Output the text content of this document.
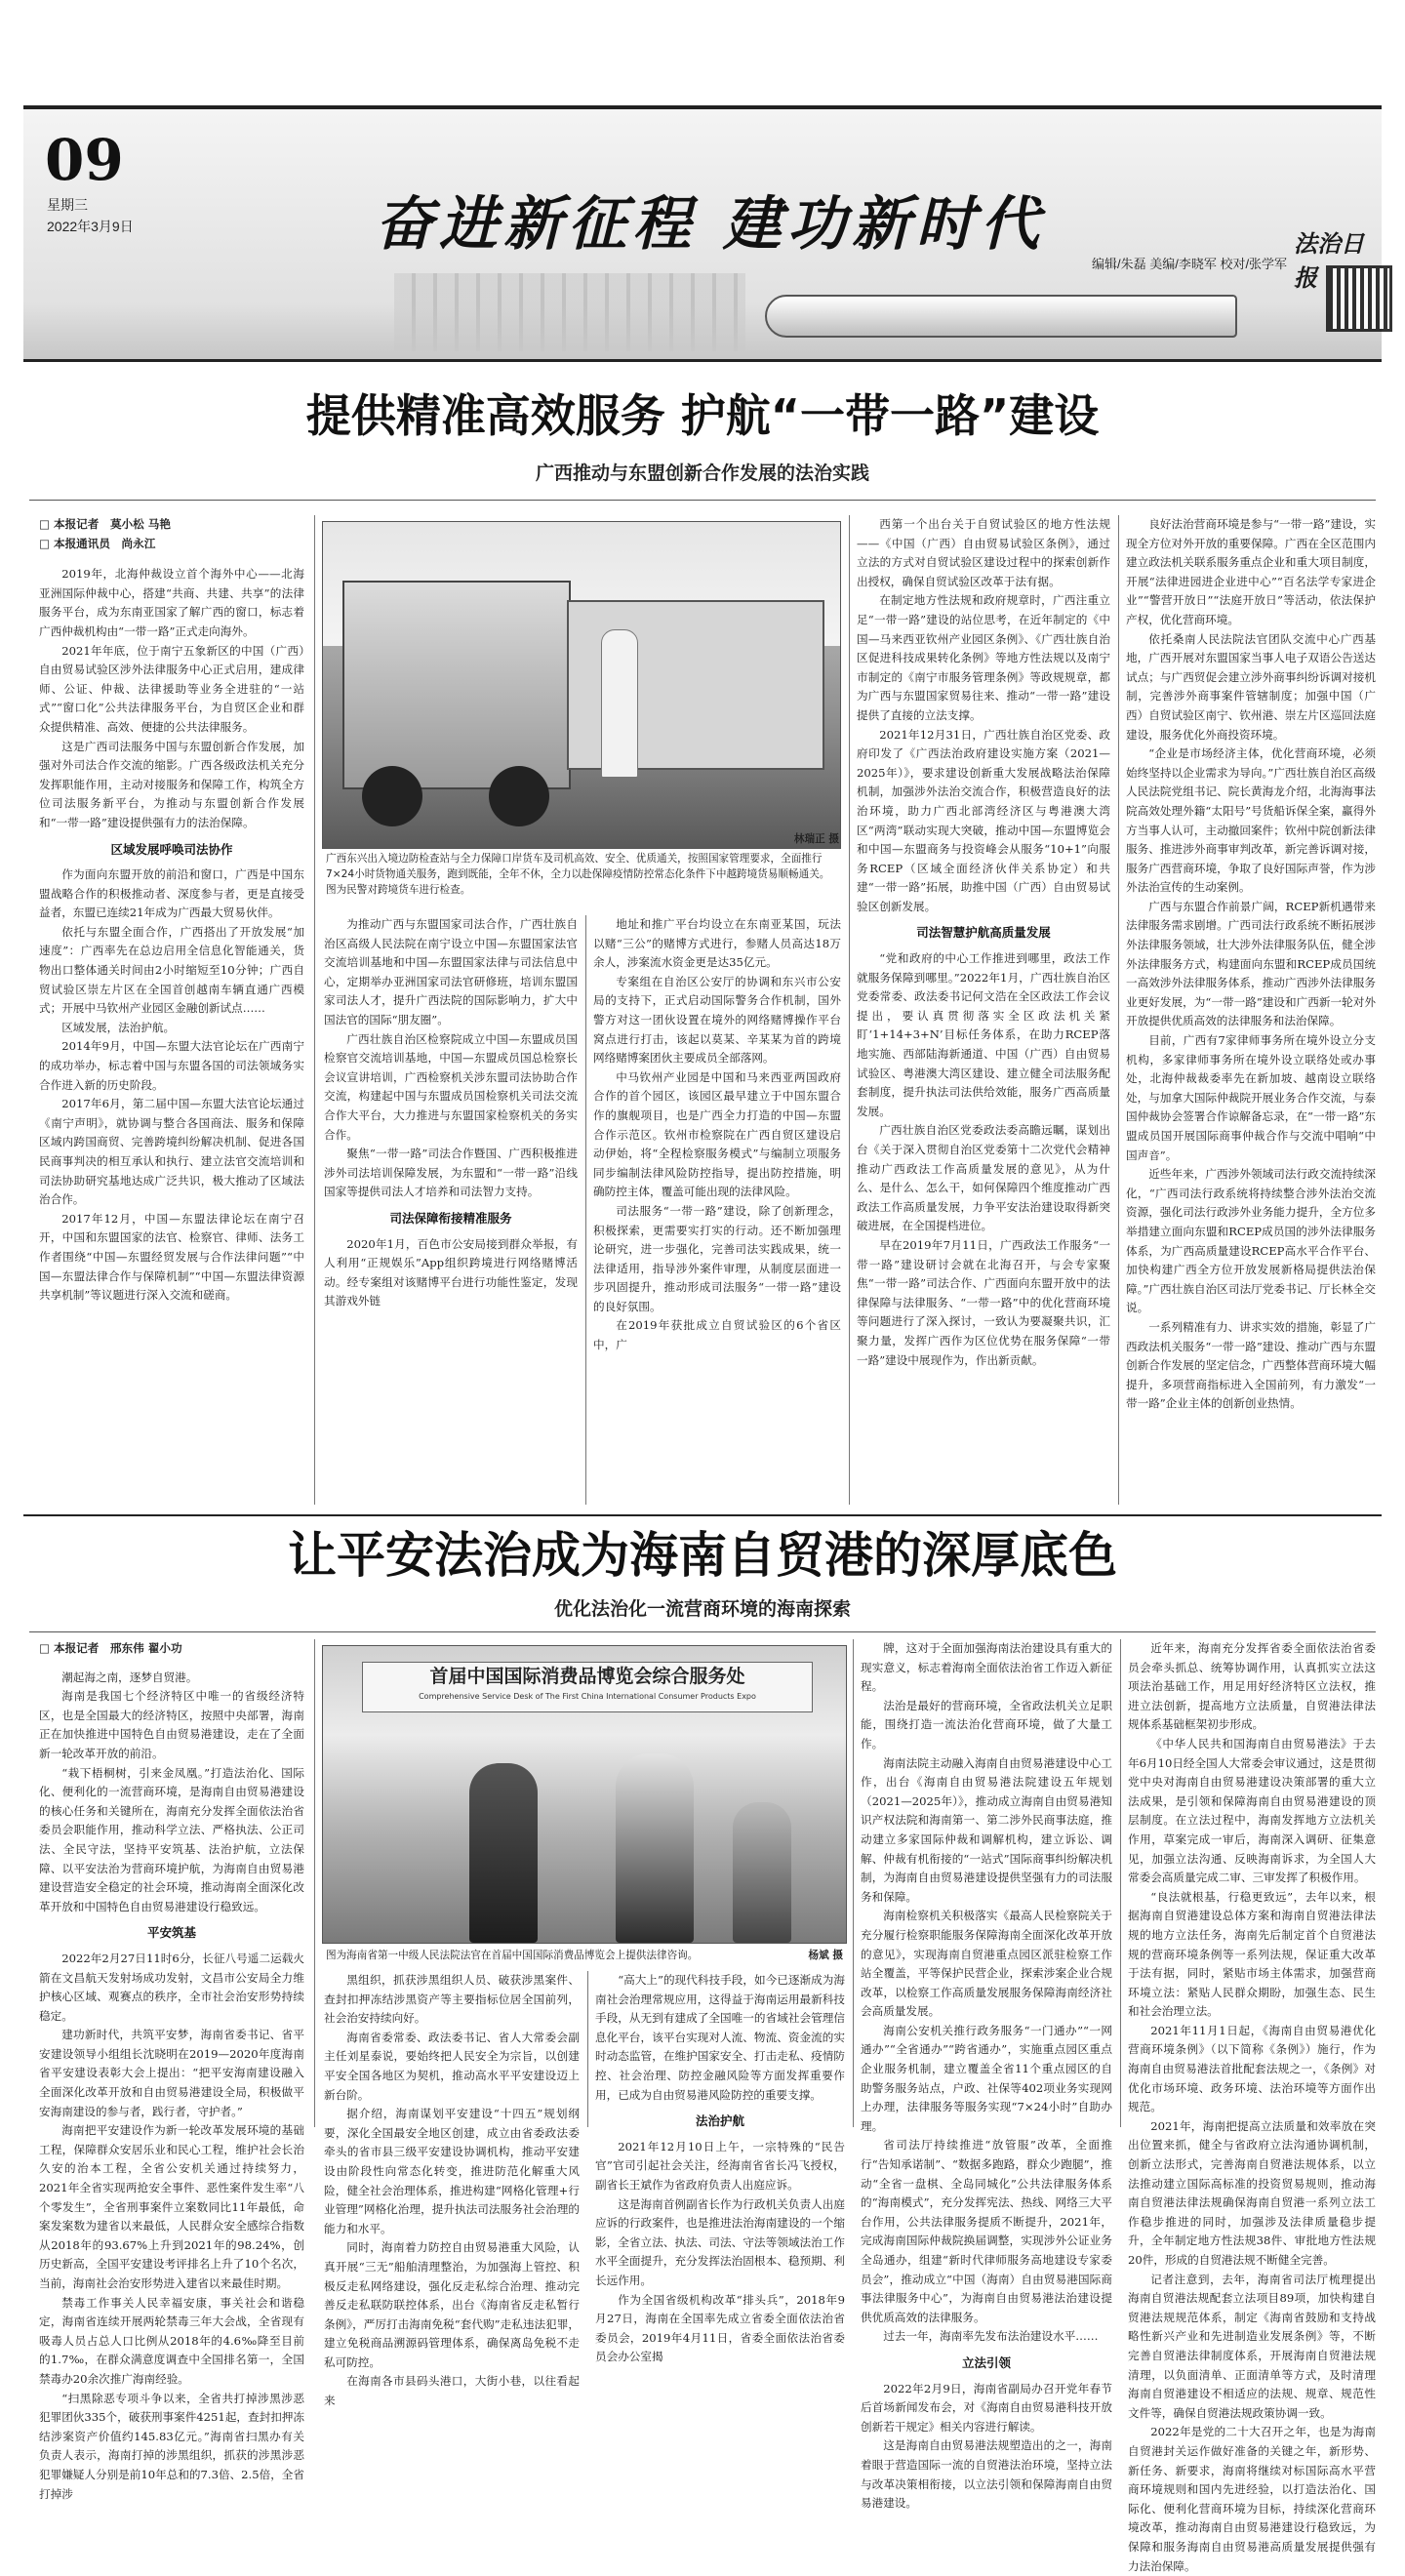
09
星期三
2022年3月9日	奋进新征程 建功新时代
编辑/朱磊 美编/李晓军 校对/张学军
法治日报
提供精准高效服务 护航“一带一路”建设
广西推动与东盟创新合作发展的法治实践

□ 本报记者　莫小松 马艳

□ 本报通讯员　尚永江

2019年，北海仲裁设立首个海外中心——北海亚洲国际仲裁中心，搭建“共商、共建、共享”的法律服务平台，成为东南亚国家了解广西的窗口，标志着广西仲裁机构由“一带一路”正式走向海外。

2021年年底，位于南宁五象新区的中国（广西）自由贸易试验区涉外法律服务中心正式启用，建成律师、公证、仲裁、法律援助等业务全进驻的“一站式”“窗口化”公共法律服务平台，为自贸区企业和群众提供精准、高效、便捷的公共法律服务。

这是广西司法服务中国与东盟创新合作发展，加强对外司法合作交流的缩影。广西各级政法机关充分发挥职能作用，主动对接服务和保障工作，构筑全方位司法服务新平台，为推动与东盟创新合作发展和“一带一路”建设提供强有力的法治保障。

区域发展呼唤司法协作

作为面向东盟开放的前沿和窗口，广西是中国东盟战略合作的积极推动者、深度参与者，更是直接受益者，东盟已连续21年成为广西最大贸易伙伴。

依托与东盟全面合作，广西搭出了开放发展“加速度”：广西率先在总边启用全信息化智能通关，货物出口整体通关时间由2小时缩短至10分钟；广西自贸试验区崇左片区在全国首创越南车辆直通广西模式；开展中马钦州产业园区金融创新试点……

区域发展，法治护航。

2014年9月，中国—东盟大法官论坛在广西南宁的成功举办，标志着中国与东盟各国的司法领域务实合作进入新的历史阶段。

2017年6月，第二届中国—东盟大法官论坛通过《南宁声明》，就协调与整合各国商法、服务和保障区域内跨国商贸、完善跨境纠纷解决机制、促进各国民商事判决的相互承认和执行、建立法官交流培训和司法协助研究基地达成广泛共识，极大推动了区域法治合作。

2017年12月，中国—东盟法律论坛在南宁召开，中国和东盟国家的法官、检察官、律师、法务工作者围绕“中国—东盟经贸发展与合作法律问题”“中国—东盟法律合作与保障机制”“中国—东盟法律资源共享机制”等议题进行深入交流和磋商。

广西东兴出入境边防检查站与全力保障口岸货车及司机高效、安全、优质通关，按照国家管理要求，全面推行7×24小时货物通关服务，跑到既能，全年不休，全力以赴保障疫情防控常态化条件下中越跨境货易顺畅通关。图为民警对跨境货车进行检查。
林瑞正 摄

为推动广西与东盟国家司法合作，广西壮族自治区高级人民法院在南宁设立中国—东盟国家法官交流培训基地和中国—东盟国家法律与司法信息中心，定期举办亚洲国家司法官研修班，培训东盟国家司法人才，提升广西法院的国际影响力，扩大中国法官的国际“朋友圈”。

广西壮族自治区检察院成立中国—东盟成员国检察官交流培训基地，中国—东盟成员国总检察长会议宣讲培训，广西检察机关涉东盟司法协助合作交流，构建起中国与东盟成员国检察机关司法交流合作大平台，大力推进与东盟国家检察机关的务实合作。

聚焦“一带一路”司法合作暨国、广西积极推进涉外司法培训保障发展，为东盟和“一带一路”沿线国家等提供司法人才培养和司法智力支持。

司法保障衔接精准服务

2020年1月，百色市公安局接到群众举报，有人利用“正规娱乐”App组织跨境进行网络赌博活动。经专案组对该赌博平台进行功能性鉴定，发现其游戏外链

地址和推广平台均设立在东南亚某国，玩法以赌“三公”的赌博方式进行，参赌人员高达18万余人，涉案流水资金更是达35亿元。

专案组在自治区公安厅的协调和东兴市公安局的支持下，正式启动国际警务合作机制，国外警方对这一团伙设置在境外的网络赌博操作平台窝点进行打击，该起以莫某、辛某某为首的跨境网络赌博案团伙主要成员全部落网。

中马钦州产业园是中国和马来西亚两国政府合作的首个园区，该园区最早建立于中国东盟合作的旗舰项目，也是广西全力打造的中国—东盟合作示范区。钦州市检察院在广西自贸区建设启动伊始，将“全程检察服务模式”与编制立项服务同步编制法律风险防控指导，提出防控措施，明确防控主体，覆盖可能出现的法律风险。

司法服务“一带一路”建设，除了创新理念，积极探索，更需要实打实的行动。还不断加强理论研究，进一步强化，完善司法实践成果，统一法律适用，指导涉外案件审理，从制度层面进一步巩固提升，推动形成司法服务“一带一路”建设的良好氛围。

在2019年获批成立自贸试验区的6个省区中，广

西第一个出台关于自贸试验区的地方性法规——《中国（广西）自由贸易试验区条例》，通过立法的方式对自贸试验区建设过程中的探索创新作出授权，确保自贸试验区改革于法有据。

在制定地方性法规和政府规章时，广西注重立足“一带一路”建设的站位思考，在近年制定的《中国—马来西亚钦州产业园区条例》、《广西壮族自治区促进科技成果转化条例》等地方性法规以及南宁市制定的《南宁市服务管理条例》等政规规章，都为广西与东盟国家贸易往来、推动“一带一路”建设提供了直接的立法支撑。

2021年12月31日，广西壮族自治区党委、政府印发了《广西法治政府建设实施方案（2021—2025年）》，要求建设创新重大发展战略法治保障机制，加强涉外法治交流合作，积极营造良好的法治环境，助力广西北部湾经济区与粤港澳大湾区“两湾”联动实现大突破，推动中国—东盟博览会和中国—东盟商务与投资峰会从服务“10+1”向服务RCEP（区域全面经济伙伴关系协定）和共建“一带一路”拓展，助推中国（广西）自由贸易试验区创新发展。

司法智慧护航高质量发展

“党和政府的中心工作推进到哪里，政法工作就服务保障到哪里。”2022年1月，广西壮族自治区党委常委、政法委书记何文浩在全区政法工作会议提出，要认真贯彻落实全区政法机关紧盯‘1+14+3+N’目标任务体系，在助力RCEP落地实施、西部陆海新通道、中国（广西）自由贸易试验区、粤港澳大湾区建设、建立健全司法服务配套制度，提升执法司法供给效能，服务广西高质量发展。

广西壮族自治区党委政法委高瞻远瞩，谋划出台《关于深入贯彻自治区党委第十二次党代会精神推动广西政法工作高质量发展的意见》，从为什么、是什么、怎么干，如何保障四个维度推动广西政法工作高质量发展，力争平安法治建设取得新突破进展，在全国提档进位。

早在2019年7月11日，广西政法工作服务“一带一路”建设研讨会就在北海召开，与会专家聚焦“一带一路”司法合作、广西面向东盟开放中的法律保障与法律服务、“一带一路”中的优化营商环境等问题进行了深入探讨，一致认为要凝聚共识，汇聚力量，发挥广西作为区位优势在服务保障“一带一路”建设中展现作为，作出新贡献。

良好法治营商环境是参与“一带一路”建设，实现全方位对外开放的重要保障。广西在全区范围内建立政法机关联系服务重点企业和重大项目制度，开展“法律进园进企业进中心”“百名法学专家进企业”“警营开放日”“法庭开放日”等活动，依法保护产权，优化营商环境。

依托桑南人民法院法官团队交流中心广西基地，广西开展对东盟国家当事人电子双语公告送达试点；与广西贸促会建立涉外商事纠纷诉调对接机制，完善涉外商事案件管辖制度；加强中国（广西）自贸试验区南宁、钦州港、崇左片区巡回法庭建设，服务优化外商投资环境。

“企业是市场经济主体，优化营商环境，必须始终坚持以企业需求为导向。”广西壮族自治区高级人民法院党组书记、院长黄海龙介绍，北海海事法院高效处理外籍“太阳号”号货船诉保全案，赢得外方当事人认可，主动撤回案件；钦州中院创新法律服务、推进涉外商事审判改革，新完善诉调对接，服务广西营商环境，争取了良好国际声誉，作为涉外法治宣传的生动案例。

广西与东盟合作前景广阔，RCEP新机遇带来法律服务需求剧增。广西司法行政系统不断拓展涉外法律服务领域，壮大涉外法律服务队伍，健全涉外法律服务方式，构建面向东盟和RCEP成员国统一高效涉外法律服务体系，推动广西涉外法律服务业更好发展，为“一带一路”建设和广西新一轮对外开放提供优质高效的法律服务和法治保障。

目前，广西有7家律师事务所在境外设立分支机构，多家律师事务所在境外设立联络处或办事处，北海仲裁裁委率先在新加坡、越南设立联络处，与加拿大国际仲裁院开展业务合作交流，与泰国仲裁协会签署合作谅解备忘录，在“一带一路”东盟成员国开展国际商事仲裁合作与交流中唱响“中国声音”。

近些年来，广西涉外领域司法行政交流持续深化，“广西司法行政系统将持续整合涉外法治交流资源，强化司法行政涉外业务能力提升，全方位多举措建立面向东盟和RCEP成员国的涉外法律服务体系，为广西高质量建设RCEP高水平合作平台、加快构建广西全方位开放发展新格局提供法治保障。”广西壮族自治区司法厅党委书记、厅长林全交说。

一系列精准有力、讲求实效的措施，彰显了广西政法机关服务“一带一路”建设、推动广西与东盟创新合作发展的坚定信念，广西整体营商环境大幅提升，多项营商指标进入全国前列，有力激发“一带一路”企业主体的创新创业热情。

让平安法治成为海南自贸港的深厚底色
优化法治化一流营商环境的海南探索

□ 本报记者　邢东伟 翟小功

潮起海之南，逐梦自贸港。

海南是我国七个经济特区中唯一的省级经济特区，也是全国最大的经济特区，按照中央部署，海南正在加快推进中国特色自由贸易港建设，走在了全面新一轮改革开放的前沿。

“栽下梧桐树，引来金凤凰。”打造法治化、国际化、便利化的一流营商环境，是海南自由贸易港建设的核心任务和关键所在，海南充分发挥全面依法治省委员会职能作用，推动科学立法、严格执法、公正司法、全民守法，坚持平安筑基、法治护航，立法保障、以平安法治为营商环境护航，为海南自由贸易港建设营造安全稳定的社会环境，推动海南全面深化改革开放和中国特色自由贸易港建设行稳致远。

平安筑基

2022年2月27日11时6分，长征八号遥二运载火箭在文昌航天发射场成功发射，文昌市公安局全力维护核心区域、观赛点的秩序，全市社会治安形势持续稳定。

建功新时代，共筑平安梦，海南省委书记、省平安建设领导小组组长沈晓明在2019—2020年度海南省平安建设表彰大会上提出：“把平安海南建设融入全面深化改革开放和自由贸易港建设全局，积极做平安海南建设的参与者，践行者，守护者。”

海南把平安建设作为新一轮改革发展环境的基础工程，保障群众安居乐业和民心工程，维护社会长治久安的治本工程，全省公安机关通过持续努力，2021年全省实现两抢安全事件、恶性案件发生率“八个零发生”，全省刑事案件立案数同比11年最低，命案发案数为建省以来最低，人民群众安全感综合指数从2018年的93.67%上升到2021年的98.24%，创历史新高，全国平安建设考评排名上升了10个名次，当前，海南社会治安形势进入建省以来最佳时期。

禁毒工作事关人民幸福安康，事关社会和谐稳定，海南省连续开展两轮禁毒三年大会战，全省现有吸毒人员占总人口比例从2018年的4.6‰降至目前的1.7‰，在群众满意度调查中全国排名第一，全国禁毒办20余次推广海南经验。

“扫黑除恶专项斗争以来，全省共打掉涉黑涉恶犯罪团伙335个，破获刑事案件4251起，查封扣押冻结涉案资产价值约145.83亿元。”海南省扫黑办有关负责人表示，海南打掉的涉黑组织，抓获的涉黑涉恶犯罪嫌疑人分别是前10年总和的7.3倍、2.5倍，全省打掉涉

首届中国国际消费品博览会综合服务处
Comprehensive Service Desk of The First China International Consumer Products Expo
图为海南省第一中级人民法院法官在首届中国国际消费品博览会上提供法律咨询。	杨斌 摄

黑组织，抓获涉黑组织人员、破获涉黑案件、查封扣押冻结涉黑资产等主要指标位居全国前列，社会治安持续向好。

海南省委常委、政法委书记、省人大常委会副主任刘星泰说，要始终把人民安全为宗旨，以创建平安全国各地区为契机，推动高水平平安建设迈上新台阶。

据介绍，海南谋划平安建设“十四五”规划纲要，深化全国最安全地区创建，成立由省委政法委牵头的省市县三级平安建设协调机构，推动平安建设由阶段性向常态化转变，推进防范化解重大风险，健全社会治理体系，推进构建“网格化管理+行业管理”网格化治理，提升执法司法服务社会治理的能力和水平。

同时，海南着力防控自由贸易港重大风险，认真开展“三无”船舶清理整治，为加强海上管控、积极反走私网络建设，强化反走私综合治理、推动完善反走私联防联控体系，出台《海南省反走私暂行条例》，严厉打击海南免税“套代购”走私违法犯罪，建立免税商品溯源码管理体系，确保离岛免税不走私可防控。

在海南各市县码头港口，大街小巷，以往看起来

“高大上”的现代科技手段，如今已逐渐成为海南社会治理常规应用，这得益于海南运用最新科技手段，从无到有建成了全国唯一的省域社会管理信息化平台，该平台实现对人流、物流、资金流的实时动态监管，在维护国家安全、打击走私、疫情防控、社会治理、防控金融风险等方面发挥重要作用，已成为自由贸易港风险防控的重要支撑。

法治护航

2021年12月10日上午，一宗特殊的“民告官”官司引起社会关注，经海南省省长冯飞授权，副省长王斌作为省政府负责人出庭应诉。

这是海南首例副省长作为行政机关负责人出庭应诉的行政案件，也是推进法治海南建设的一个缩影，全省立法、执法、司法、守法等领域法治工作水平全面提升，充分发挥法治固根本、稳预期、利长远作用。

作为全国省级机构改革“排头兵”，2018年9月27日，海南在全国率先成立省委全面依法治省委员会，2019年4月11日，省委全面依法治省委员会办公室揭

牌，这对于全面加强海南法治建设具有重大的现实意义，标志着海南全面依法治省工作迈入新征程。

法治是最好的营商环境，全省政法机关立足职能，围绕打造一流法治化营商环境，做了大量工作。

海南法院主动融入海南自由贸易港建设中心工作，出台《海南自由贸易港法院建设五年规划（2021—2025年）》，推动成立海南自由贸易港知识产权法院和海南第一、第二涉外民商事法庭，推动建立多家国际仲裁和调解机构，建立诉讼、调解、仲裁有机衔接的“一站式”国际商事纠纷解决机制，为海南自由贸易港建设提供坚强有力的司法服务和保障。

海南检察机关积极落实《最高人民检察院关于充分履行检察职能服务保障海南全面深化改革开放的意见》，实现海南自贸港重点园区派驻检察工作站全覆盖，平等保护民营企业，探索涉案企业合规改革，以检察工作高质量发展服务保障海南经济社会高质量发展。

海南公安机关推行政务服务“一门通办”“一网通办”“全省通办”“跨省通办”，实施重点园区重点企业服务机制，建立覆盖全省11个重点园区的自助警务服务站点，户政、社保等402项业务实现网上办理，法律服务等服务实现“7×24小时”自助办理。

省司法厅持续推进“放管服”改革，全面推行“告知承诺制”、“数据多跑路，群众少跑腿”，推动“全省一盘棋、全岛同城化”公共法律服务体系的“海南模式”，充分发挥宪法、热线、网络三大平台作用，公共法律服务提质不断提升，2021年，完成海南国际仲裁院换届调整，实现涉外公证业务全岛通办，组建“新时代律师服务高地建设专家委员会”，推动成立“中国（海南）自由贸易港国际商事法律服务中心”，为海南自由贸易港法治建设提供优质高效的法律服务。

过去一年，海南率先发布法治建设水平……

立法引领

2022年2月9日，海南省副局办召开党年春节后首场新闻发布会，对《海南自由贸易港科技开放创新若干规定》相关内容进行解读。

这是海南自由贸易港法规塑造出的之一，海南着眼于营造国际一流的自贸港法治环境，坚持立法与改革决策相衔接，以立法引领和保障海南自由贸易港建设。

近年来，海南充分发挥省委全面依法治省委员会牵头抓总、统筹协调作用，认真抓实立法这项法治基础工作，用足用好经济特区立法权，推进立法创新，提高地方立法质量，自贸港法律法规体系基础框架初步形成。

《中华人民共和国海南自由贸易港法》于去年6月10日经全国人大常委会审议通过，这是贯彻党中央对海南自由贸易港建设决策部署的重大立法成果，是引领和保障海南自由贸易港建设的顶层制度。在立法过程中，海南发挥地方立法机关作用，草案完成一审后，海南深入调研、征集意见，加强立法沟通、反映海南诉求，为全国人大常委会高质量完成二审、三审发挥了积极作用。

“良法就根基，行稳更致远”，去年以来，根据海南自贸港建设总体方案和海南自贸港法律法规的地方立法任务，海南先后制定首个自贸港法规的营商环境条例等一系列法规，保证重大改革于法有据，同时，紧贴市场主体需求，加强营商环境立法：紧贴人民群众期盼，加强生态、民生和社会治理立法。

2021年11月1日起，《海南自由贸易港优化营商环境条例》（以下简称《条例》）施行，作为海南自由贸易港法首批配套法规之一，《条例》对优化市场环境、政务环境、法治环境等方面作出规范。

2021年，海南把提高立法质量和效率放在突出位置来抓，健全与省政府立法沟通协调机制，创新立法形式，完善海南自贸港法规体系，以立法推动建立国际高标准的投资贸易规则，推动海南自贸港法律法规确保海南自贸港一系列立法工作稳步推进的同时，加强涉及法律质量稳步提升，全年制定地方性法规38件、审批地方性法规20件，形成的自贸港法规不断健全完善。

记者注意到，去年，海南省司法厅梳理提出海南自贸港法规配套立法项目89项，加快构建自贸港法规规范体系，制定《海南省鼓励和支持战略性新兴产业和先进制造业发展条例》等，不断完善自贸港法律制度体系，开展海南自贸港法规清理，以负面清单、正面清单等方式，及时清理海南自贸港建设不相适应的法规、规章、规范性文件等，确保自贸港法规政策协调一致。

2022年是党的二十大召开之年，也是为海南自贸港封关运作做好准备的关键之年，新形势、新任务、新要求，海南将继续对标国际高水平营商环境规则和国内先进经验，以打造法治化、国际化、便利化营商环境为目标，持续深化营商环境改革，推动海南自由贸易港建设行稳致远，为保障和服务海南自由贸易港高质量发展提供强有力法治保障。
